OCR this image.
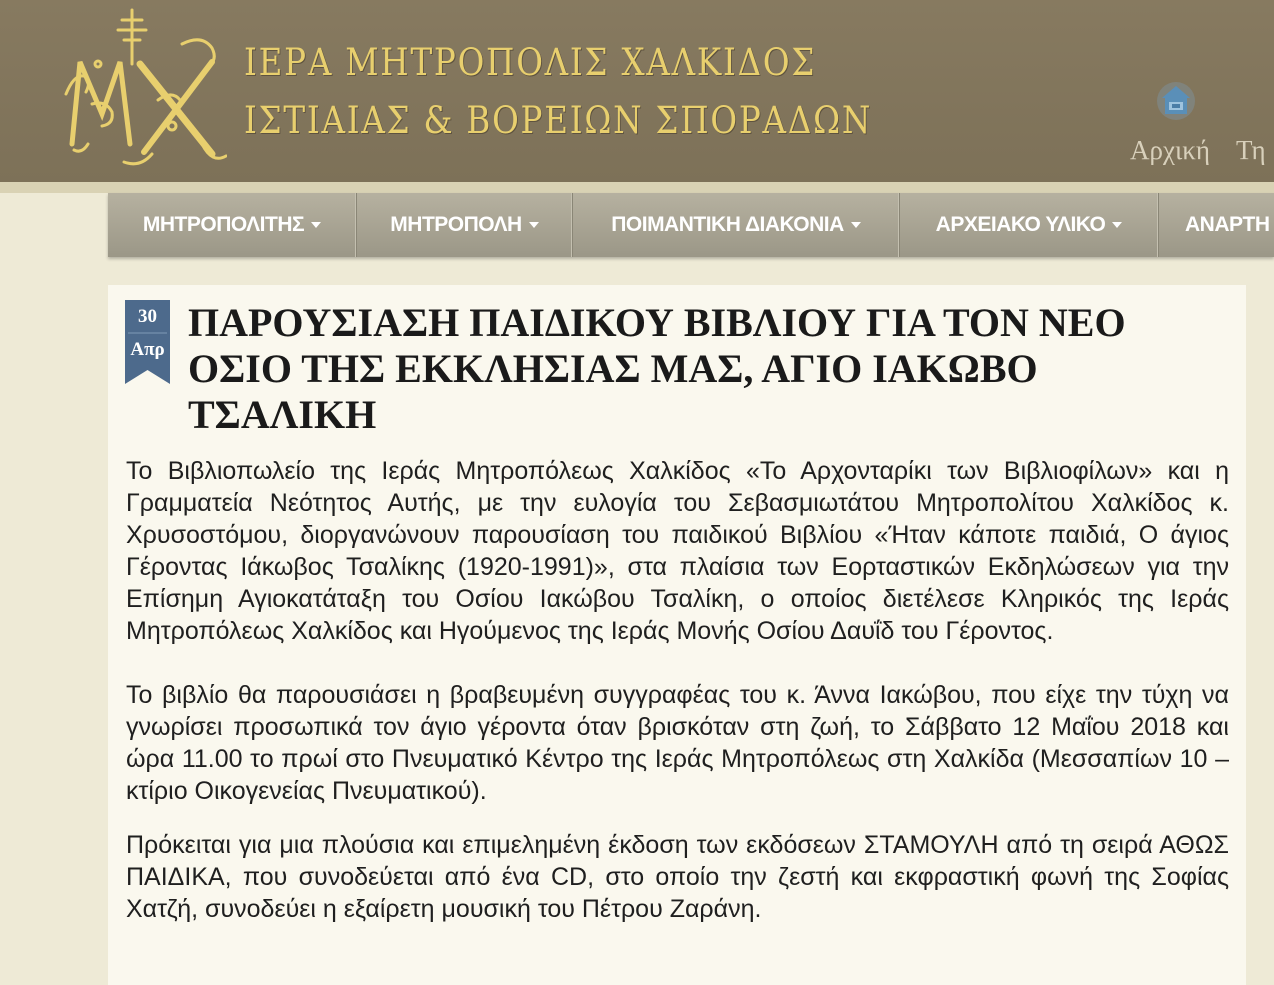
ΙΕΡΑ ΜΗΤΡΟΠΟΛΙΣ ΧΑΛΚΙΔΟΣ
ΙΣΤΙΑΙΑΣ & ΒΟΡΕΙΩΝ ΣΠΟΡΑΔΩΝ
Αρχική Τη
ΜΗΤΡΟΠΟΛΙΤΗΣ	ΜΗΤΡΟΠΟΛΗ	ΠΟΙΜΑΝΤΙΚΗ ΔΙΑΚΟΝΙΑ	ΑΡΧΕΙΑΚΟ ΥΛΙΚΟ	ΑΝΑΡΤΗ
30
Απρ
ΠΑΡΟΥΣΙΑΣΗ ΠΑΙΔΙΚΟΥ ΒΙΒΛΙΟΥ ΓΙΑ ΤΟΝ ΝΕΟ ΟΣΙΟ ΤΗΣ ΕΚΚΛΗΣΙΑΣ ΜΑΣ, ΑΓΙΟ ΙΑΚΩΒΟ ΤΣΑΛΙΚΗ

Το Βιβλιοπωλείο της Ιεράς Μητροπόλεως Χαλκίδος «Το Αρχονταρίκι των Βιβλιοφίλων» και η Γραμματεία Νεότητος Αυτής, με την ευλογία του Σεβασμιωτάτου Μητροπολίτου Χαλκίδος κ. Χρυσοστόμου, διοργανώνουν παρουσίαση του παιδικού Βιβλίου «Ήταν κάποτε παιδιά, Ο άγιος Γέροντας Ιάκωβος Τσαλίκης (1920-1991)», στα πλαίσια των Εορταστικών Εκδηλώσεων για την Επίσημη Αγιοκατάταξη του Οσίου Ιακώβου Τσαλίκη, ο οποίος διετέλεσε Κληρικός της Ιεράς Μητροπόλεως Χαλκίδος και Ηγούμενος της Ιεράς Μονής Οσίου Δαυΐδ του Γέροντος.

Το βιβλίο θα παρουσιάσει η βραβευμένη συγγραφέας του κ. Άννα Ιακώβου, που είχε την τύχη να γνωρίσει προσωπικά τον άγιο γέροντα όταν βρισκόταν στη ζωή, το Σάββατο 12 Μαΐου 2018 και ώρα 11.00 το πρωί στο Πνευματικό Κέντρο της Ιεράς Μητροπόλεως στη Χαλκίδα (Μεσσαπίων 10 – κτίριο Οικογενείας Πνευματικού).

Πρόκειται για μια πλούσια και επιμελημένη έκδοση των εκδόσεων ΣΤΑΜΟΥΛΗ από τη σειρά ΑΘΩΣ ΠΑΙΔΙΚΑ, που συνοδεύεται από ένα CD, στο οποίο την ζεστή και εκφραστική φωνή της Σοφίας Χατζή, συνοδεύει η εξαίρετη μουσική του Πέτρου Ζαράνη.
